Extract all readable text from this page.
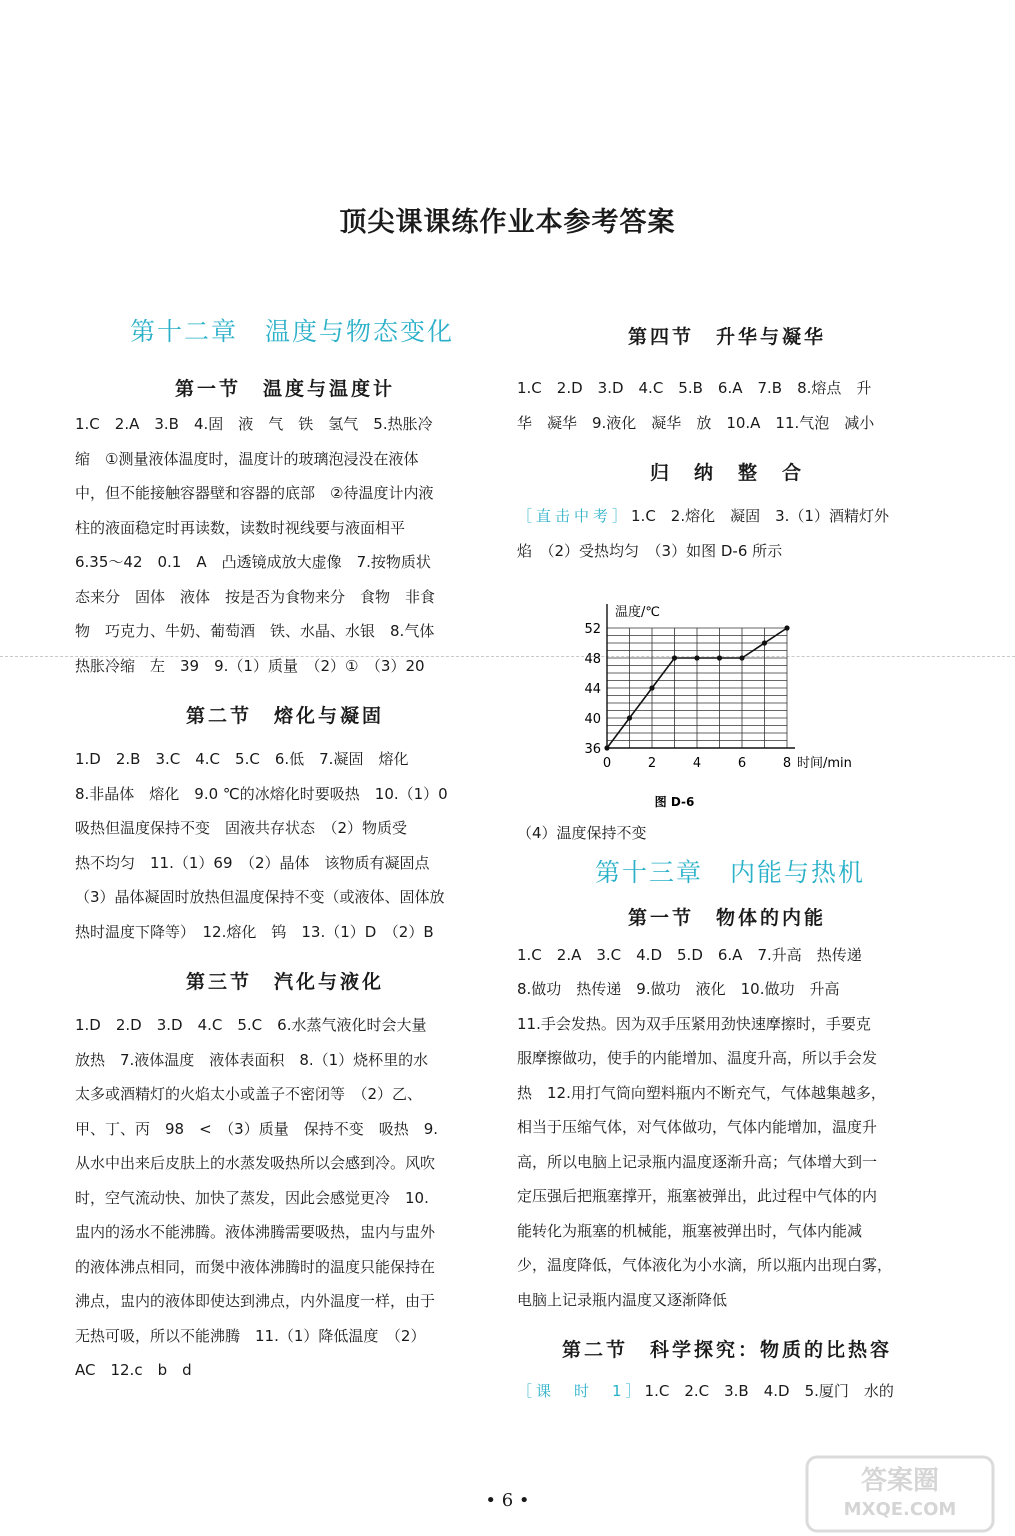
顶尖课课练作业本参考答案

第十二章　温度与物态变化

第一节　温度与温度计

1.C　2.A　3.B　4.固　液　气　铁　氢气　5.热胀冷
缩　①测量液体温度时，温度计的玻璃泡浸没在液体
中，但不能接触容器壁和容器的底部　②待温度计内液
柱的液面稳定时再读数，读数时视线要与液面相平
6.35～42　0.1　A　凸透镜成放大虚像　7.按物质状
态来分　固体　液体　按是否为食物来分　食物　非食
物　巧克力、牛奶、葡萄酒　铁、水晶、水银　8.气体
热胀冷缩　左　39　9.（1）质量　（2）①　（3）20

第二节　熔化与凝固

1.D　2.B　3.C　4.C　5.C　6.低　7.凝固　熔化
8.非晶体　熔化　9.0 ℃的冰熔化时要吸热　10.（1）0
吸热但温度保持不变　固液共存状态　（2）物质受
热不均匀　11.（1）69　（2）晶体　该物质有凝固点
（3）晶体凝固时放热但温度保持不变（或液体、固体放
热时温度下降等）　12.熔化　钨　13.（1）D　（2）B

第三节　汽化与液化

1.D　2.D　3.D　4.C　5.C　6.水蒸气液化时会大量
放热　7.液体温度　液体表面积　8.（1）烧杯里的水
太多或酒精灯的火焰太小或盖子不密闭等　（2）乙、
甲、丁、丙　98　<　（3）质量　保持不变　吸热　9.
从水中出来后皮肤上的水蒸发吸热所以会感到冷。风吹
时，空气流动快、加快了蒸发，因此会感觉更冷　10.
盅内的汤水不能沸腾。液体沸腾需要吸热，盅内与盅外
的液体沸点相同，而煲中液体沸腾时的温度只能保持在
沸点，盅内的液体即使达到沸点，内外温度一样，由于
无热可吸，所以不能沸腾　11.（1）降低温度　（2）
AC　12.c　b　d

第四节　升华与凝华

1.C　2.D　3.D　4.C　5.B　6.A　7.B　8.熔点　升
华　凝华　9.液化　凝华　放　10.A　11.气泡　减小

归　纳　整　合

［直击中考］1.C　2.熔化　凝固　3.（1）酒精灯外

焰　（2）受热均匀　（3）如图 D-6 所示

36
40
44
48
52
0	2	4	6	8
温度/℃
时间/min
图 D-6

（4）温度保持不变

第十三章　内能与热机

第一节　物体的内能

1.C　2.A　3.C　4.D　5.D　6.A　7.升高　热传递
8.做功　热传递　9.做功　液化　10.做功　升高
11.手会发热。因为双手压紧用劲快速摩擦时，手要克
服摩擦做功，使手的内能增加、温度升高，所以手会发
热　12.用打气筒向塑料瓶内不断充气，气体越集越多，
相当于压缩气体，对气体做功，气体内能增加，温度升
高，所以电脑上记录瓶内温度逐渐升高；气体增大到一
定压强后把瓶塞撑开，瓶塞被弹出，此过程中气体的内
能转化为瓶塞的机械能，瓶塞被弹出时，气体内能减
少，温度降低，气体液化为小水滴，所以瓶内出现白雾，
电脑上记录瓶内温度又逐渐降低

第二节　科学探究：物质的比热容

［课　时　1］1.C　2.C　3.B　4.D　5.厦门　水的

• 6 •	MXQE.COM
答案圈
